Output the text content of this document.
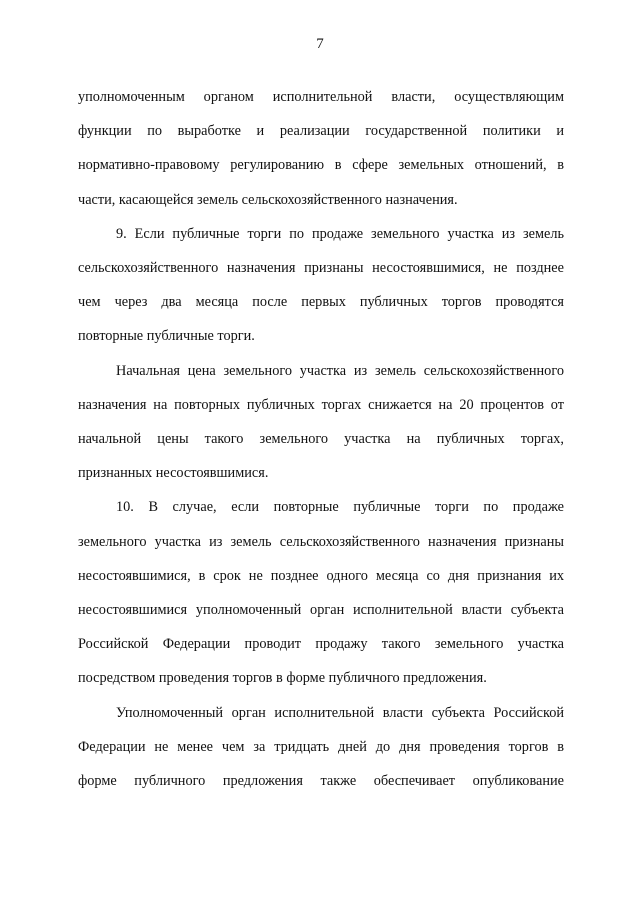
7

уполномоченным органом исполнительной власти, осуществляющим

функции по выработке и реализации государственной политики и

нормативно-правовому регулированию в сфере земельных отношений, в

части, касающейся земель сельскохозяйственного назначения.

9. Если публичные торги по продаже земельного участка из земель

сельскохозяйственного назначения признаны несостоявшимися, не позднее

чем через два месяца после первых публичных торгов проводятся

повторные публичные торги.

Начальная цена земельного участка из земель сельскохозяйственного

назначения на повторных публичных торгах снижается на 20 процентов от

начальной цены такого земельного участка на публичных торгах,

признанных несостоявшимися.

10. В случае, если повторные публичные торги по продаже

земельного участка из земель сельскохозяйственного назначения признаны

несостоявшимися, в срок не позднее одного месяца со дня признания их

несостоявшимися уполномоченный орган исполнительной власти субъекта

Российской Федерации проводит продажу такого земельного участка

посредством проведения торгов в форме публичного предложения.

Уполномоченный орган исполнительной власти субъекта Российской

Федерации не менее чем за тридцать дней до дня проведения торгов в

форме публичного предложения также обеспечивает опубликование
